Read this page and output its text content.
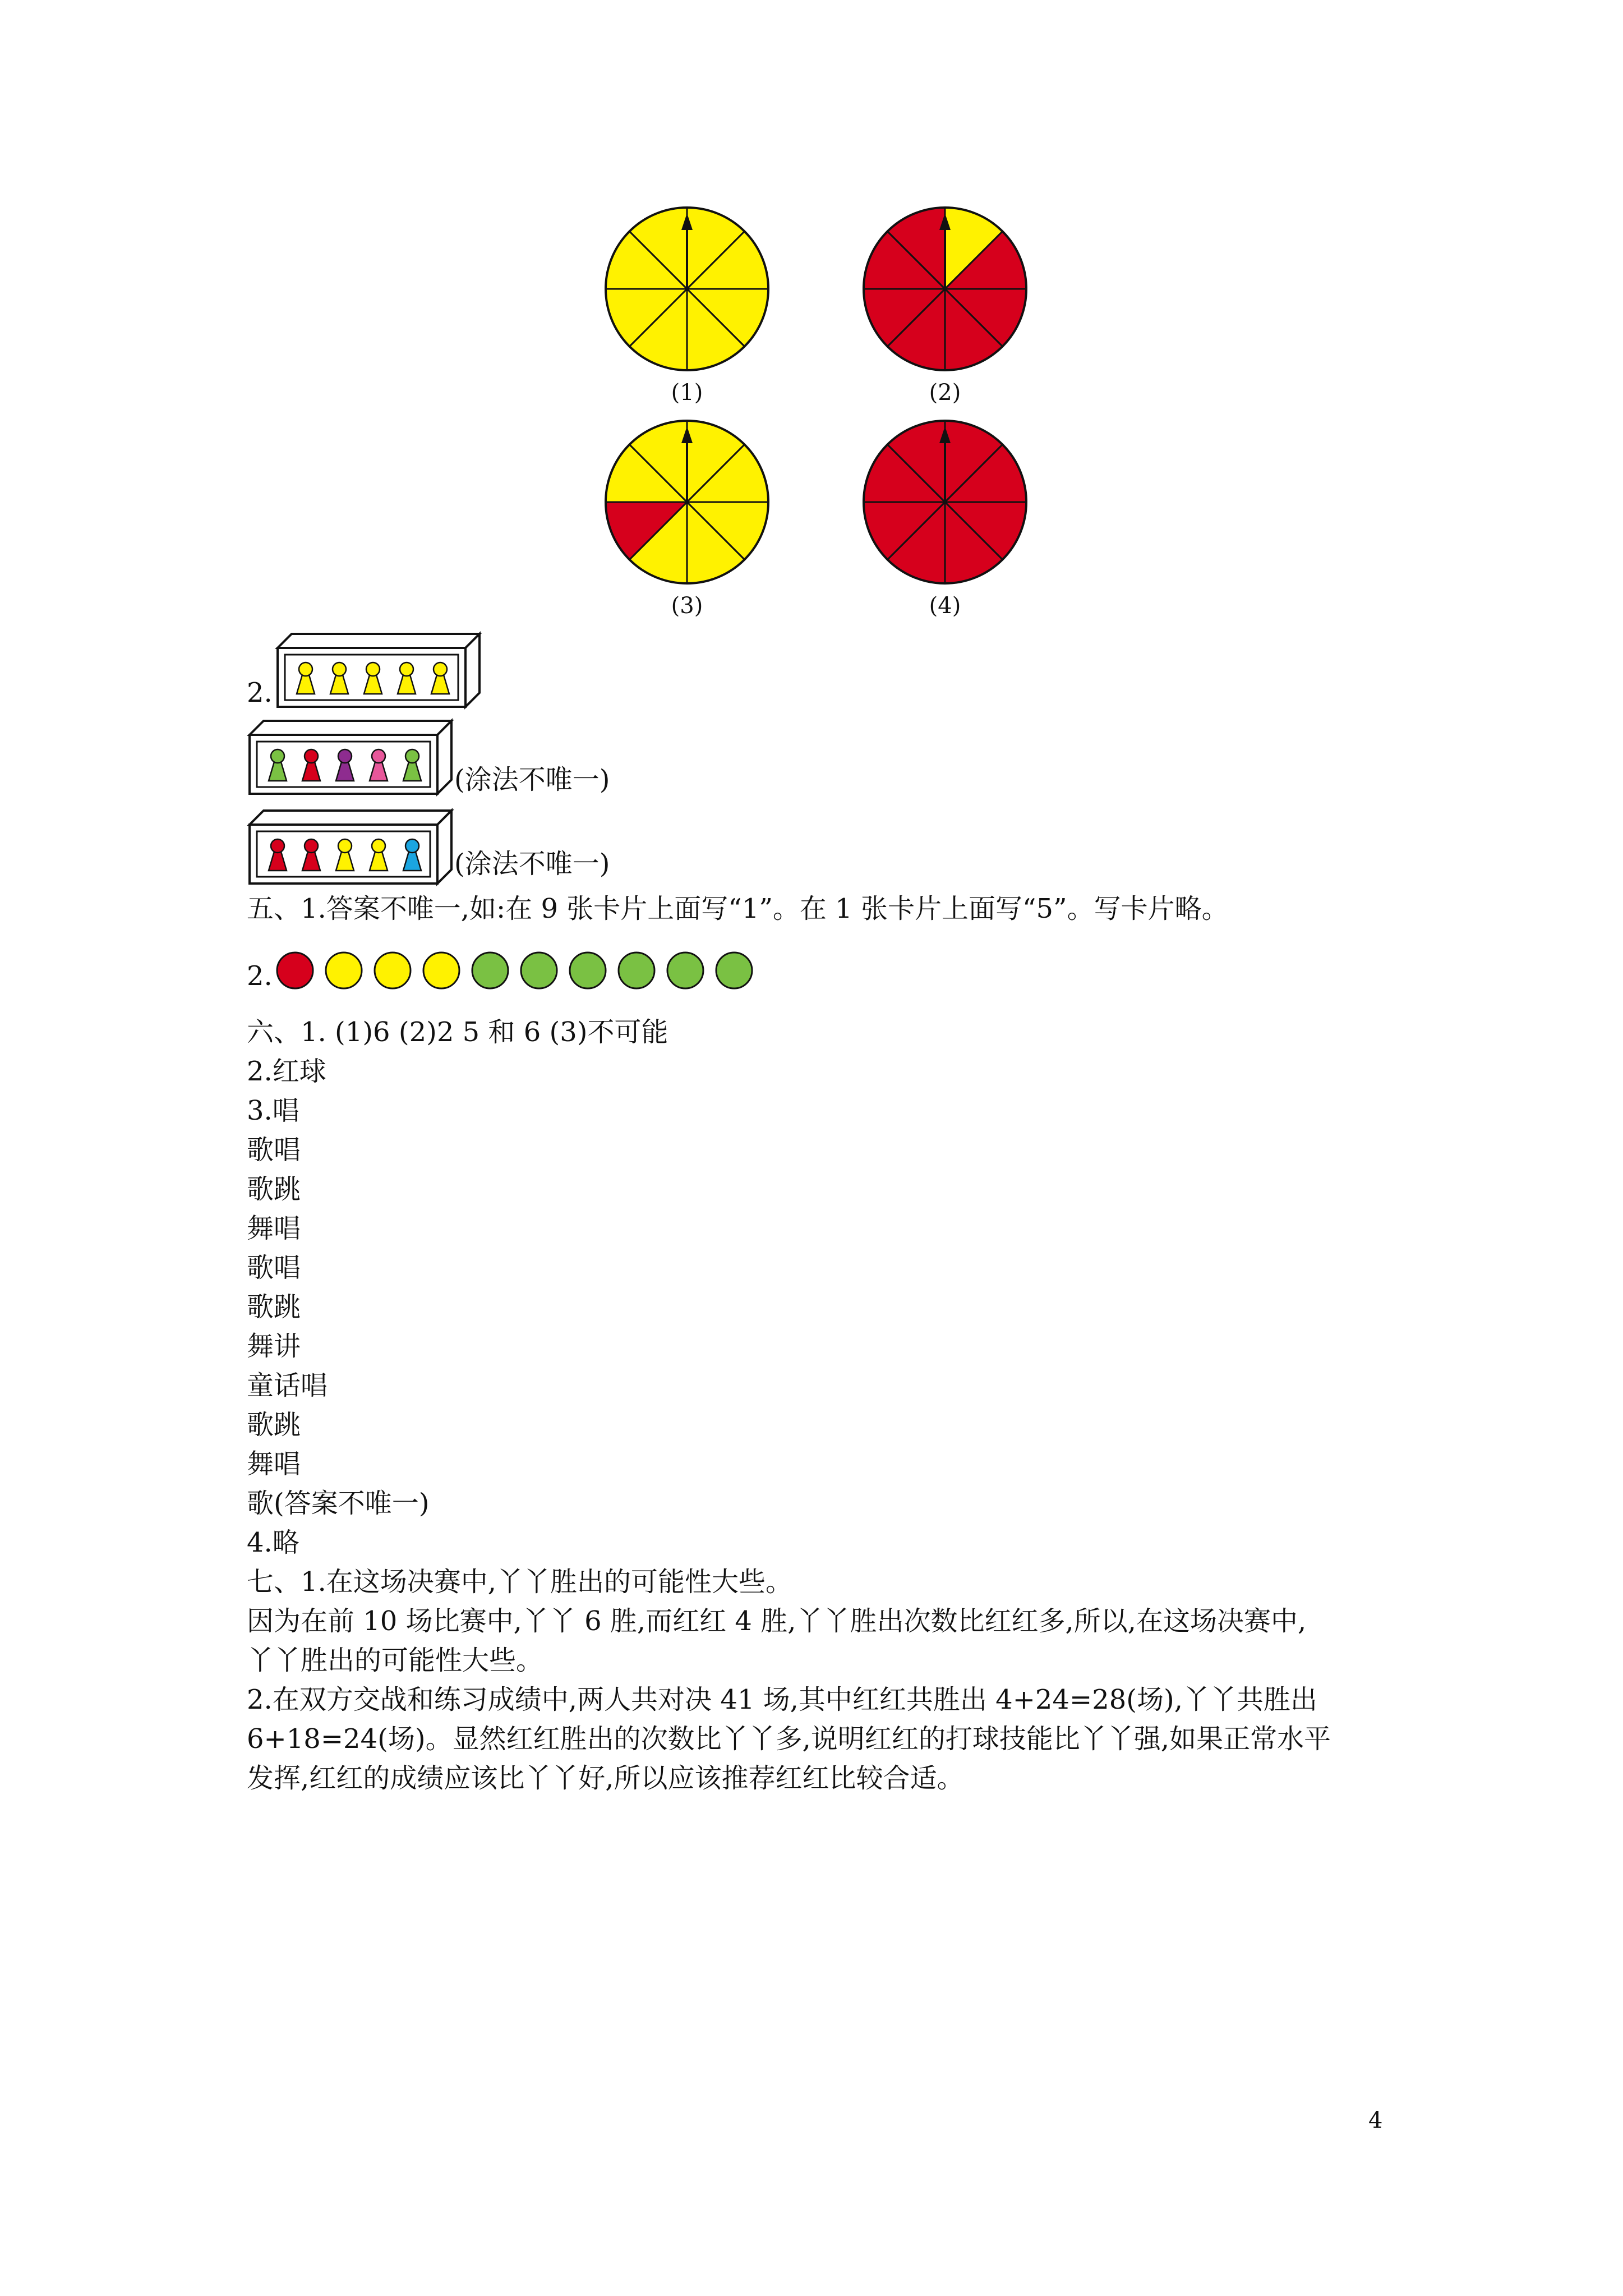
(1)	(2)
(3)	(4)
2.
(涂法不唯一)
(涂法不唯一)
五、1.答案不唯一,如:在 9 张卡片上面写“1”。在 1 张卡片上面写“5”。写卡片略。
2.
六、1. (1)6 (2)2 5 和 6 (3)不可能
2.红球
3.唱
歌唱
歌跳
舞唱
歌唱
歌跳
舞讲
童话唱
歌跳
舞唱
歌(答案不唯一)
4.略
七、1.在这场决赛中,丫丫胜出的可能性大些。
因为在前 10 场比赛中,丫丫 6 胜,而红红 4 胜,丫丫胜出次数比红红多,所以,在这场决赛中,
丫丫胜出的可能性大些。
2.在双方交战和练习成绩中,两人共对决 41 场,其中红红共胜出 4+24=28(场),丫丫共胜出
6+18=24(场)。显然红红胜出的次数比丫丫多,说明红红的打球技能比丫丫强,如果正常水平
发挥,红红的成绩应该比丫丫好,所以应该推荐红红比较合适。
4
